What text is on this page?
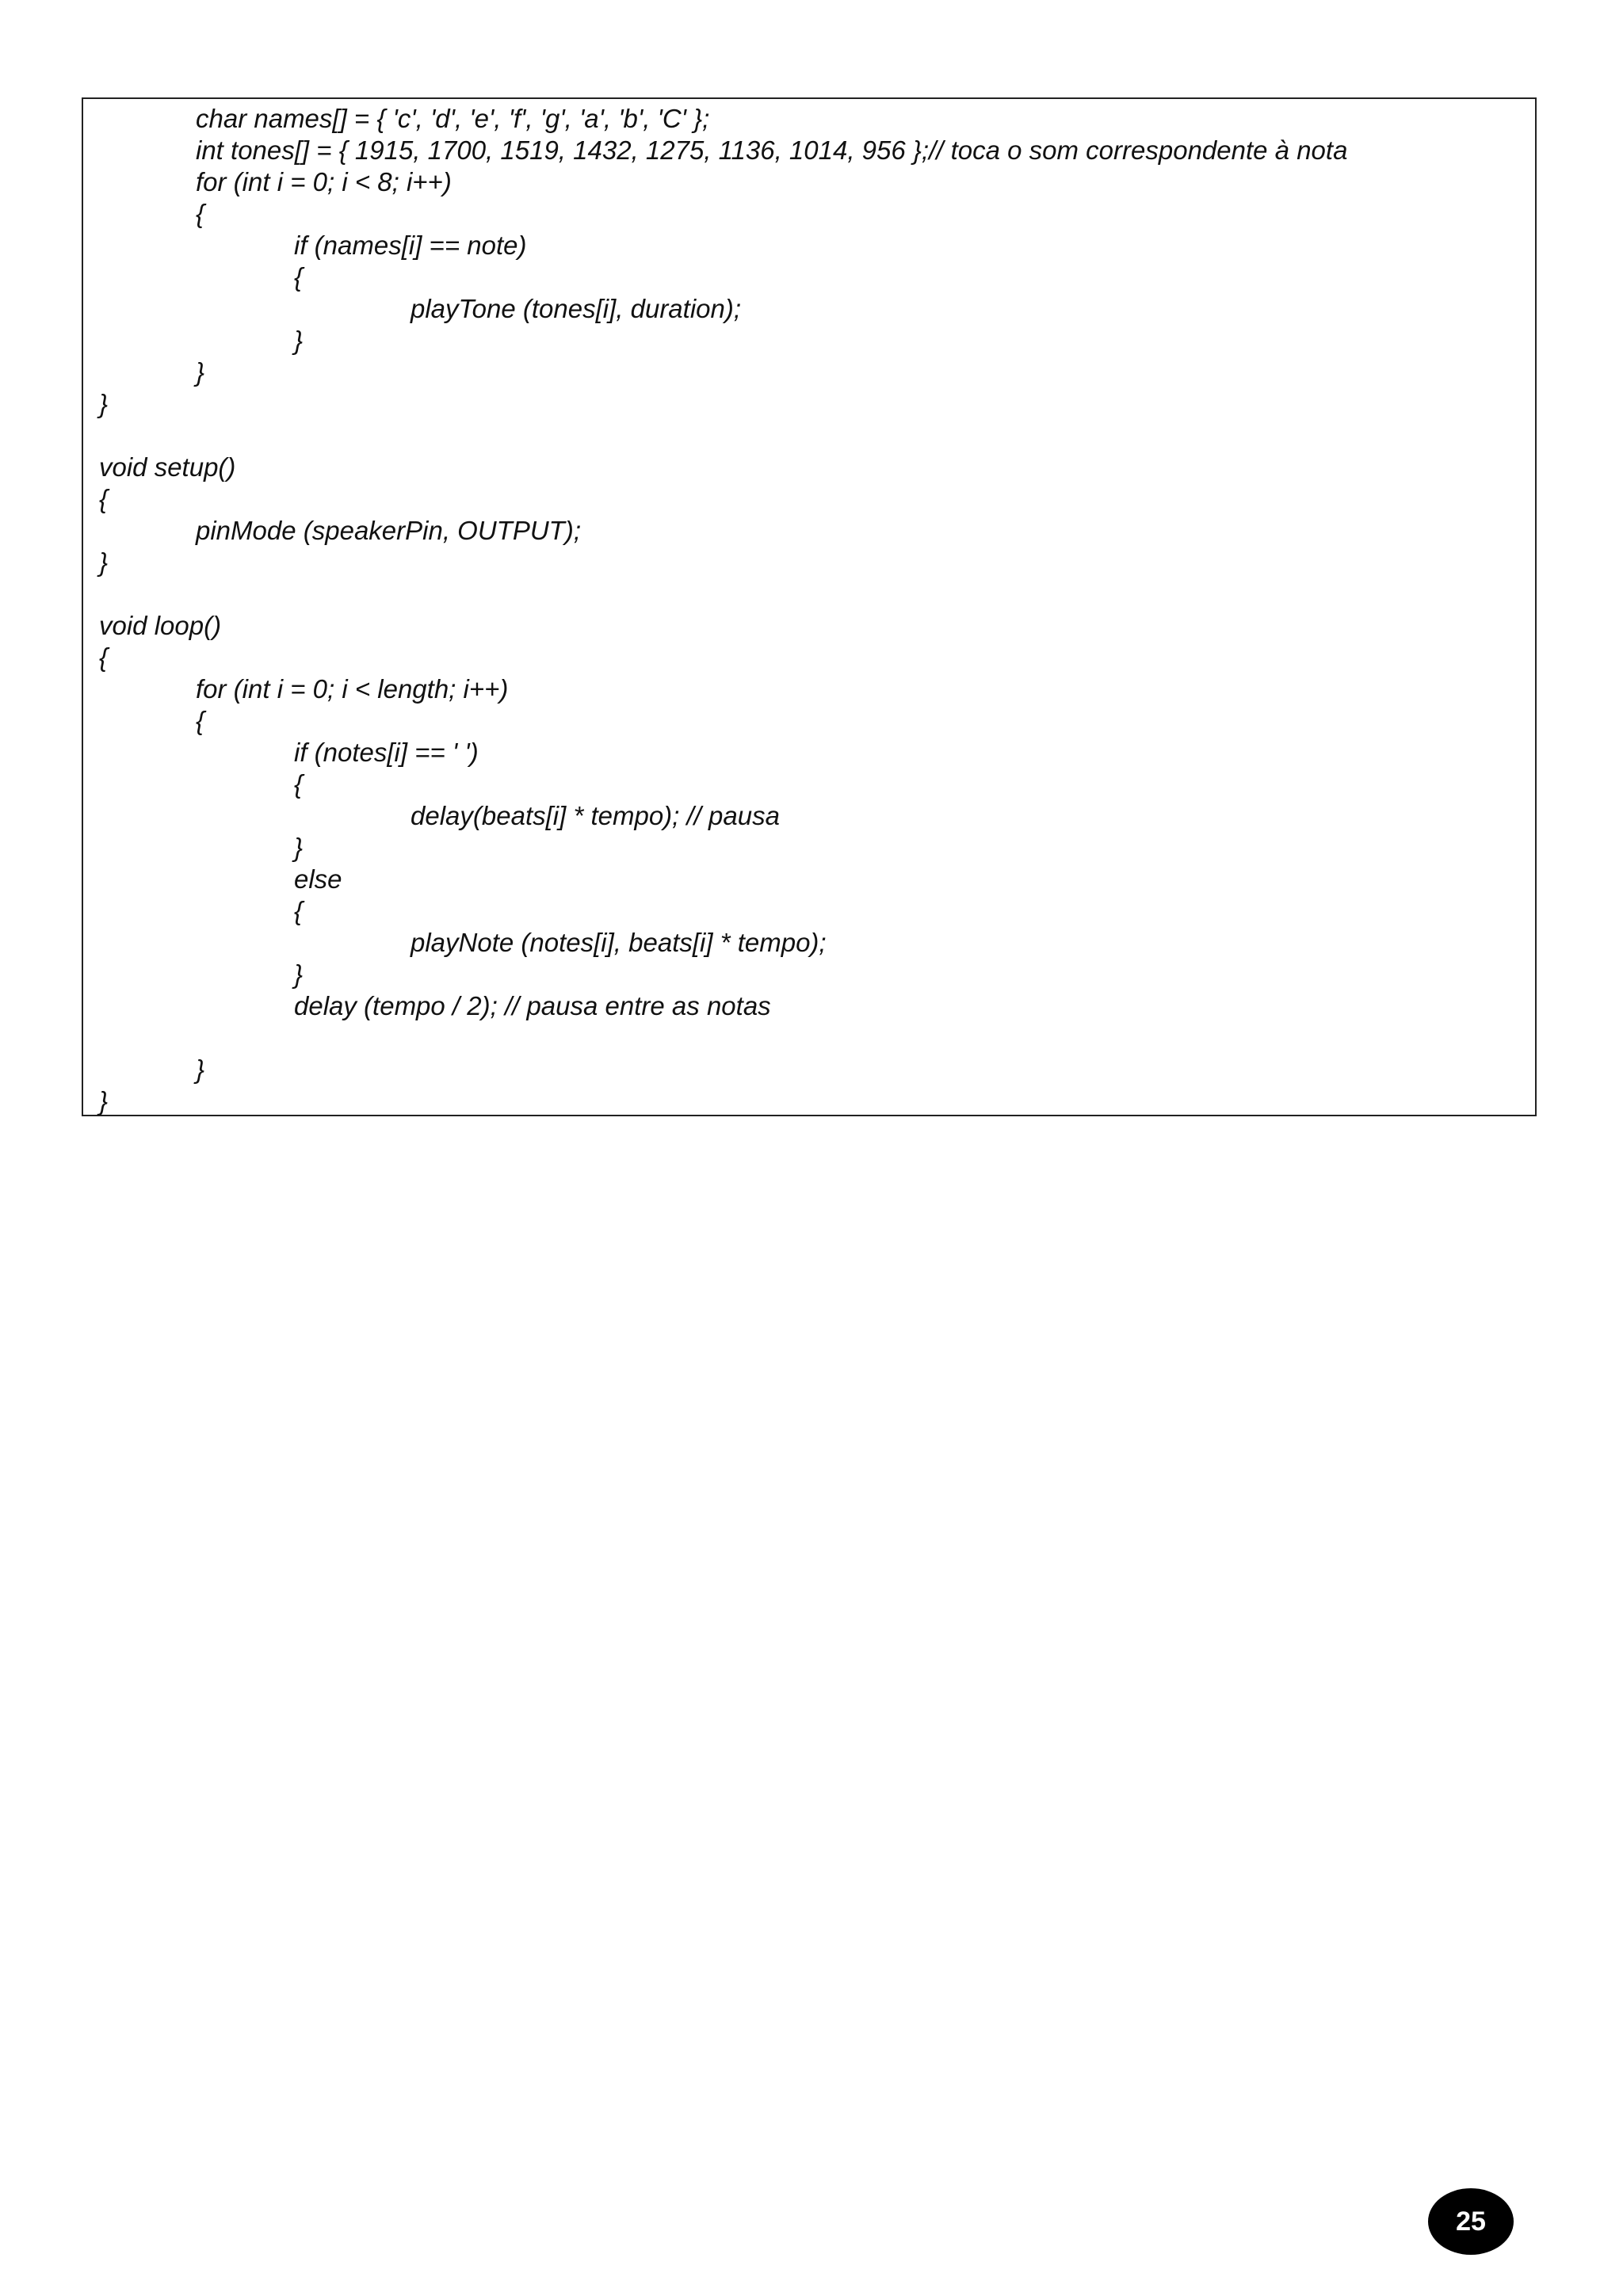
char names[] = { 'c', 'd', 'e', 'f', 'g', 'a', 'b', 'C' };
int tones[] = { 1915, 1700, 1519, 1432, 1275, 1136, 1014, 956 };// toca o som correspondente à nota
for (int i = 0; i < 8; i++)
{
if (names[i] == note)
{
playTone (tones[i], duration);
}
}
}
void setup()
{
pinMode (speakerPin, OUTPUT);
}
void loop()
{
for (int i = 0; i < length; i++)
{
if (notes[i] == ' ')
{
delay(beats[i] * tempo); // pausa
}
else
{
playNote (notes[i], beats[i] * tempo);
}
delay (tempo / 2); // pausa entre as notas
}
}
25
